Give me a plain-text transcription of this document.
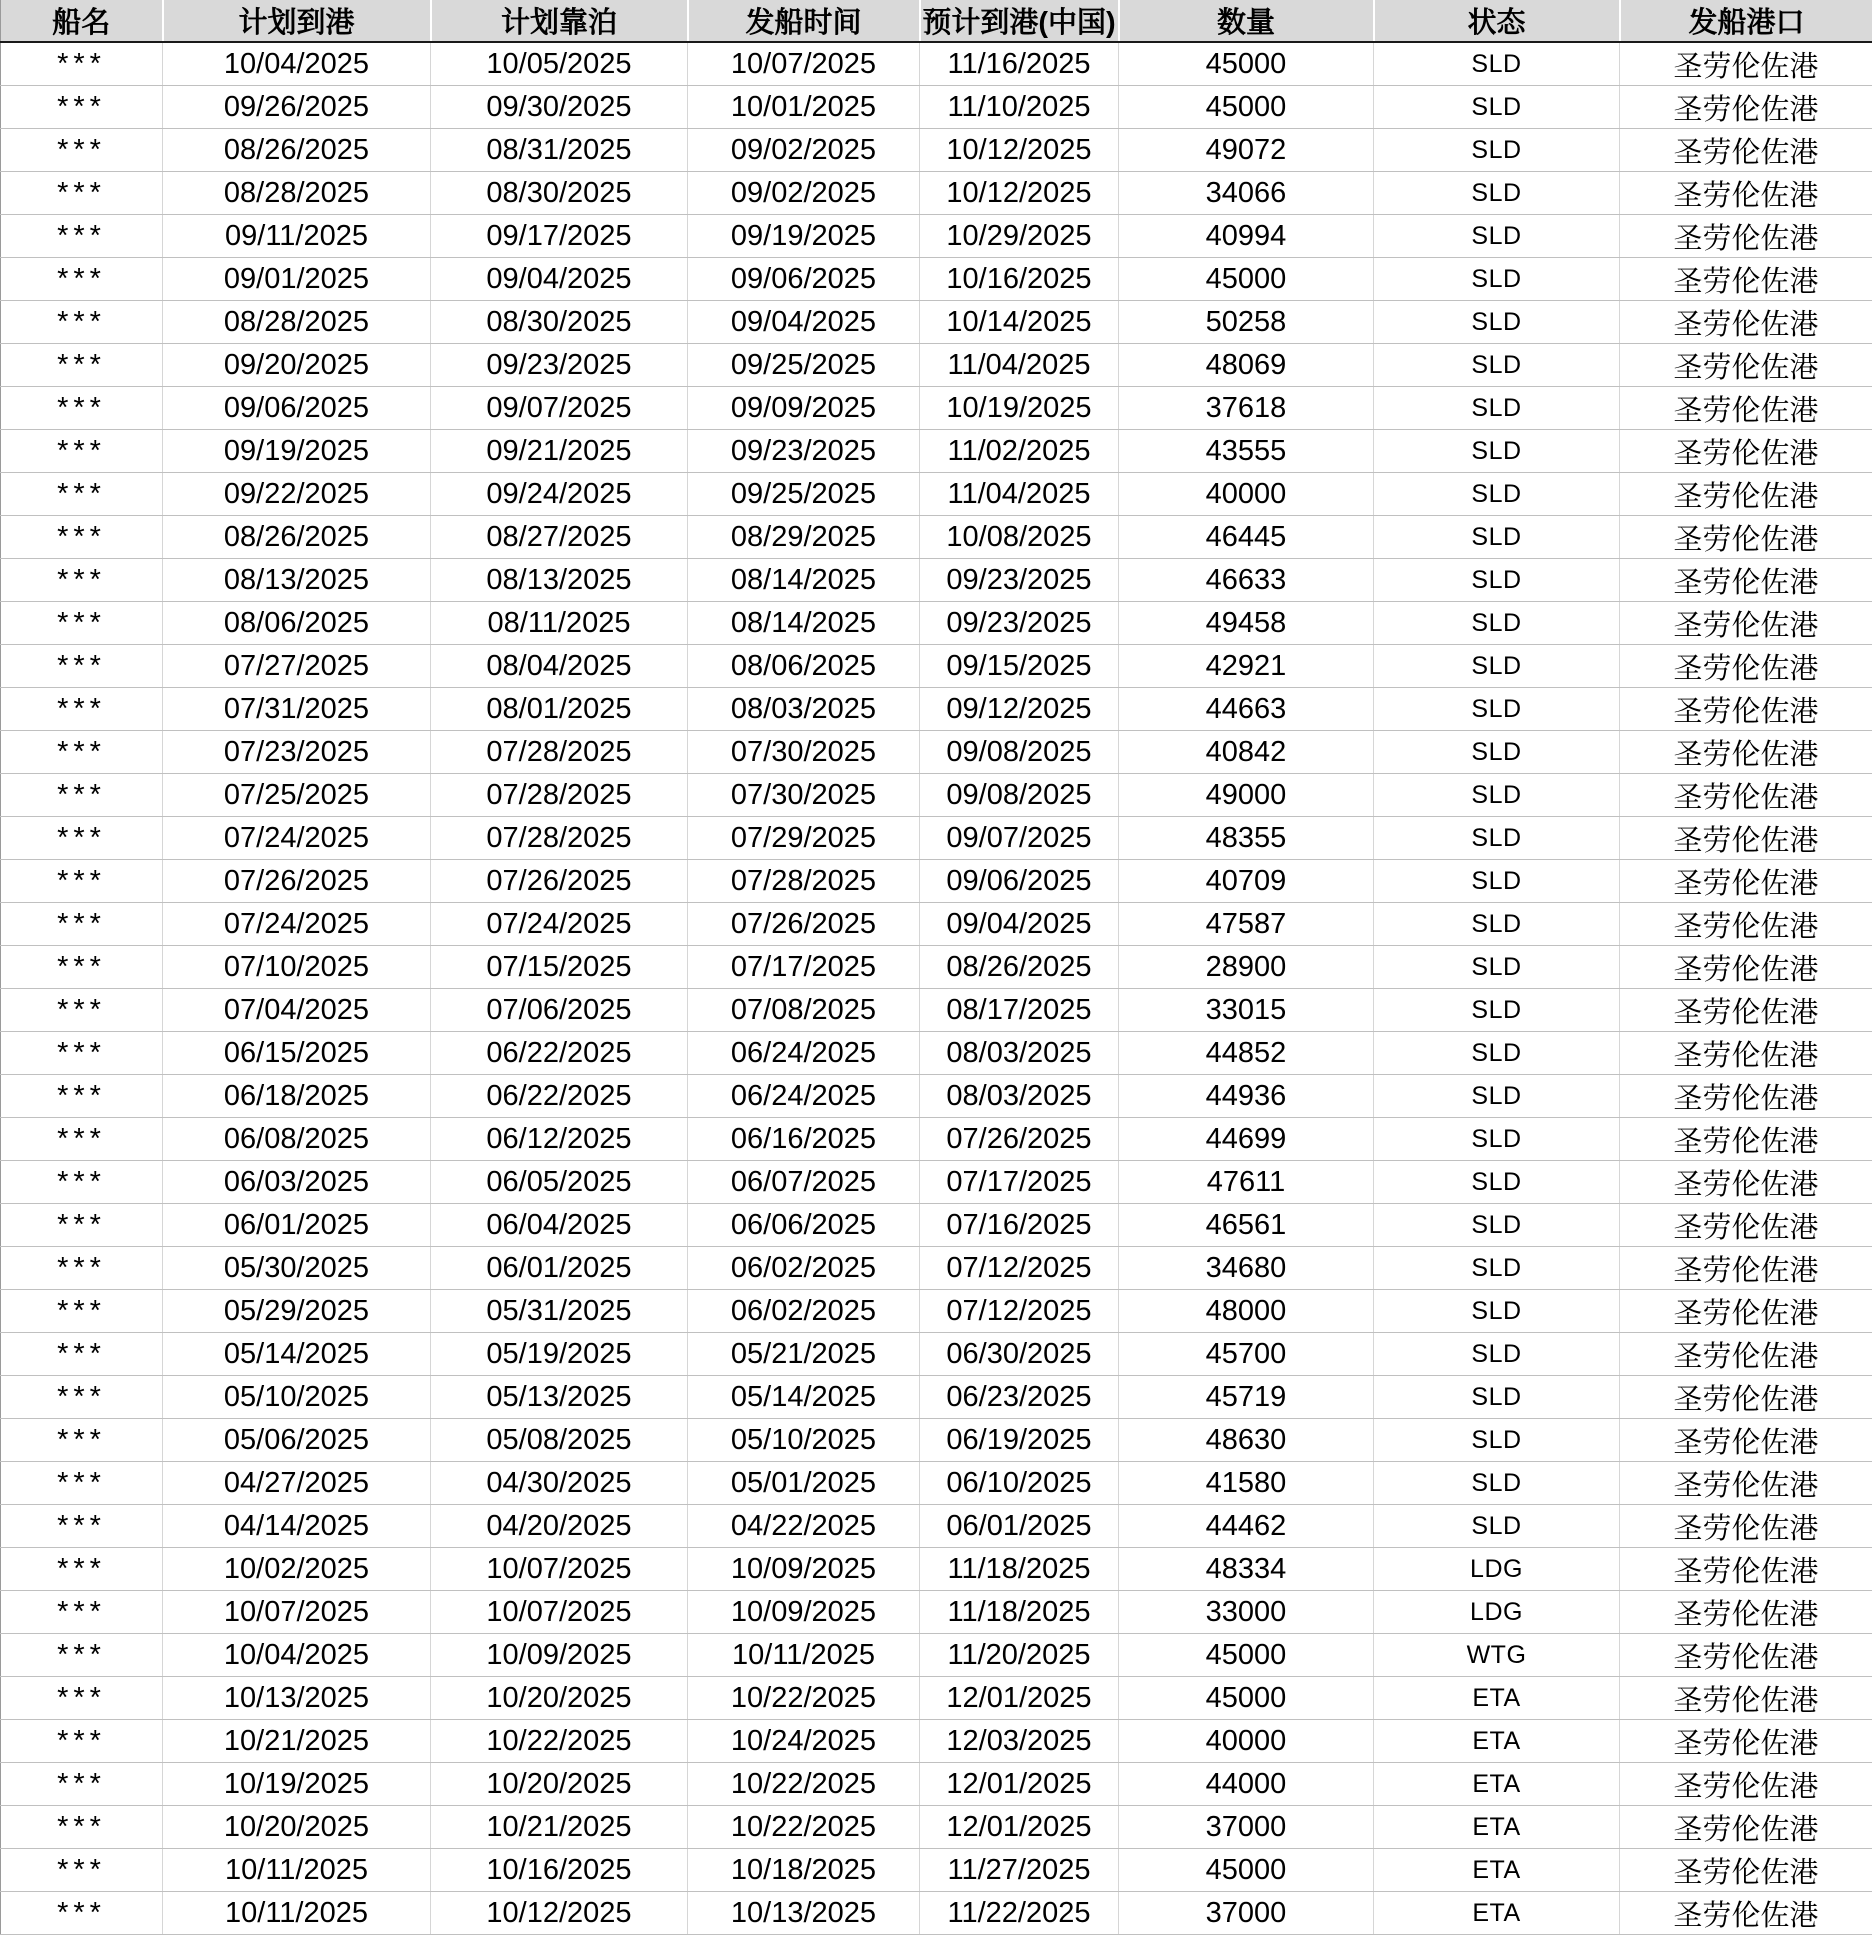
船名	计划到港	计划靠泊	发船时间	预计到港(中国)	数量	状态	发船港口
***	10/04/2025	10/05/2025	10/07/2025	11/16/2025	45000	SLD	圣劳伦佐港
***	09/26/2025	09/30/2025	10/01/2025	11/10/2025	45000	SLD	圣劳伦佐港
***	08/26/2025	08/31/2025	09/02/2025	10/12/2025	49072	SLD	圣劳伦佐港
***	08/28/2025	08/30/2025	09/02/2025	10/12/2025	34066	SLD	圣劳伦佐港
***	09/11/2025	09/17/2025	09/19/2025	10/29/2025	40994	SLD	圣劳伦佐港
***	09/01/2025	09/04/2025	09/06/2025	10/16/2025	45000	SLD	圣劳伦佐港
***	08/28/2025	08/30/2025	09/04/2025	10/14/2025	50258	SLD	圣劳伦佐港
***	09/20/2025	09/23/2025	09/25/2025	11/04/2025	48069	SLD	圣劳伦佐港
***	09/06/2025	09/07/2025	09/09/2025	10/19/2025	37618	SLD	圣劳伦佐港
***	09/19/2025	09/21/2025	09/23/2025	11/02/2025	43555	SLD	圣劳伦佐港
***	09/22/2025	09/24/2025	09/25/2025	11/04/2025	40000	SLD	圣劳伦佐港
***	08/26/2025	08/27/2025	08/29/2025	10/08/2025	46445	SLD	圣劳伦佐港
***	08/13/2025	08/13/2025	08/14/2025	09/23/2025	46633	SLD	圣劳伦佐港
***	08/06/2025	08/11/2025	08/14/2025	09/23/2025	49458	SLD	圣劳伦佐港
***	07/27/2025	08/04/2025	08/06/2025	09/15/2025	42921	SLD	圣劳伦佐港
***	07/31/2025	08/01/2025	08/03/2025	09/12/2025	44663	SLD	圣劳伦佐港
***	07/23/2025	07/28/2025	07/30/2025	09/08/2025	40842	SLD	圣劳伦佐港
***	07/25/2025	07/28/2025	07/30/2025	09/08/2025	49000	SLD	圣劳伦佐港
***	07/24/2025	07/28/2025	07/29/2025	09/07/2025	48355	SLD	圣劳伦佐港
***	07/26/2025	07/26/2025	07/28/2025	09/06/2025	40709	SLD	圣劳伦佐港
***	07/24/2025	07/24/2025	07/26/2025	09/04/2025	47587	SLD	圣劳伦佐港
***	07/10/2025	07/15/2025	07/17/2025	08/26/2025	28900	SLD	圣劳伦佐港
***	07/04/2025	07/06/2025	07/08/2025	08/17/2025	33015	SLD	圣劳伦佐港
***	06/15/2025	06/22/2025	06/24/2025	08/03/2025	44852	SLD	圣劳伦佐港
***	06/18/2025	06/22/2025	06/24/2025	08/03/2025	44936	SLD	圣劳伦佐港
***	06/08/2025	06/12/2025	06/16/2025	07/26/2025	44699	SLD	圣劳伦佐港
***	06/03/2025	06/05/2025	06/07/2025	07/17/2025	47611	SLD	圣劳伦佐港
***	06/01/2025	06/04/2025	06/06/2025	07/16/2025	46561	SLD	圣劳伦佐港
***	05/30/2025	06/01/2025	06/02/2025	07/12/2025	34680	SLD	圣劳伦佐港
***	05/29/2025	05/31/2025	06/02/2025	07/12/2025	48000	SLD	圣劳伦佐港
***	05/14/2025	05/19/2025	05/21/2025	06/30/2025	45700	SLD	圣劳伦佐港
***	05/10/2025	05/13/2025	05/14/2025	06/23/2025	45719	SLD	圣劳伦佐港
***	05/06/2025	05/08/2025	05/10/2025	06/19/2025	48630	SLD	圣劳伦佐港
***	04/27/2025	04/30/2025	05/01/2025	06/10/2025	41580	SLD	圣劳伦佐港
***	04/14/2025	04/20/2025	04/22/2025	06/01/2025	44462	SLD	圣劳伦佐港
***	10/02/2025	10/07/2025	10/09/2025	11/18/2025	48334	LDG	圣劳伦佐港
***	10/07/2025	10/07/2025	10/09/2025	11/18/2025	33000	LDG	圣劳伦佐港
***	10/04/2025	10/09/2025	10/11/2025	11/20/2025	45000	WTG	圣劳伦佐港
***	10/13/2025	10/20/2025	10/22/2025	12/01/2025	45000	ETA	圣劳伦佐港
***	10/21/2025	10/22/2025	10/24/2025	12/03/2025	40000	ETA	圣劳伦佐港
***	10/19/2025	10/20/2025	10/22/2025	12/01/2025	44000	ETA	圣劳伦佐港
***	10/20/2025	10/21/2025	10/22/2025	12/01/2025	37000	ETA	圣劳伦佐港
***	10/11/2025	10/16/2025	10/18/2025	11/27/2025	45000	ETA	圣劳伦佐港
***	10/11/2025	10/12/2025	10/13/2025	11/22/2025	37000	ETA	圣劳伦佐港
